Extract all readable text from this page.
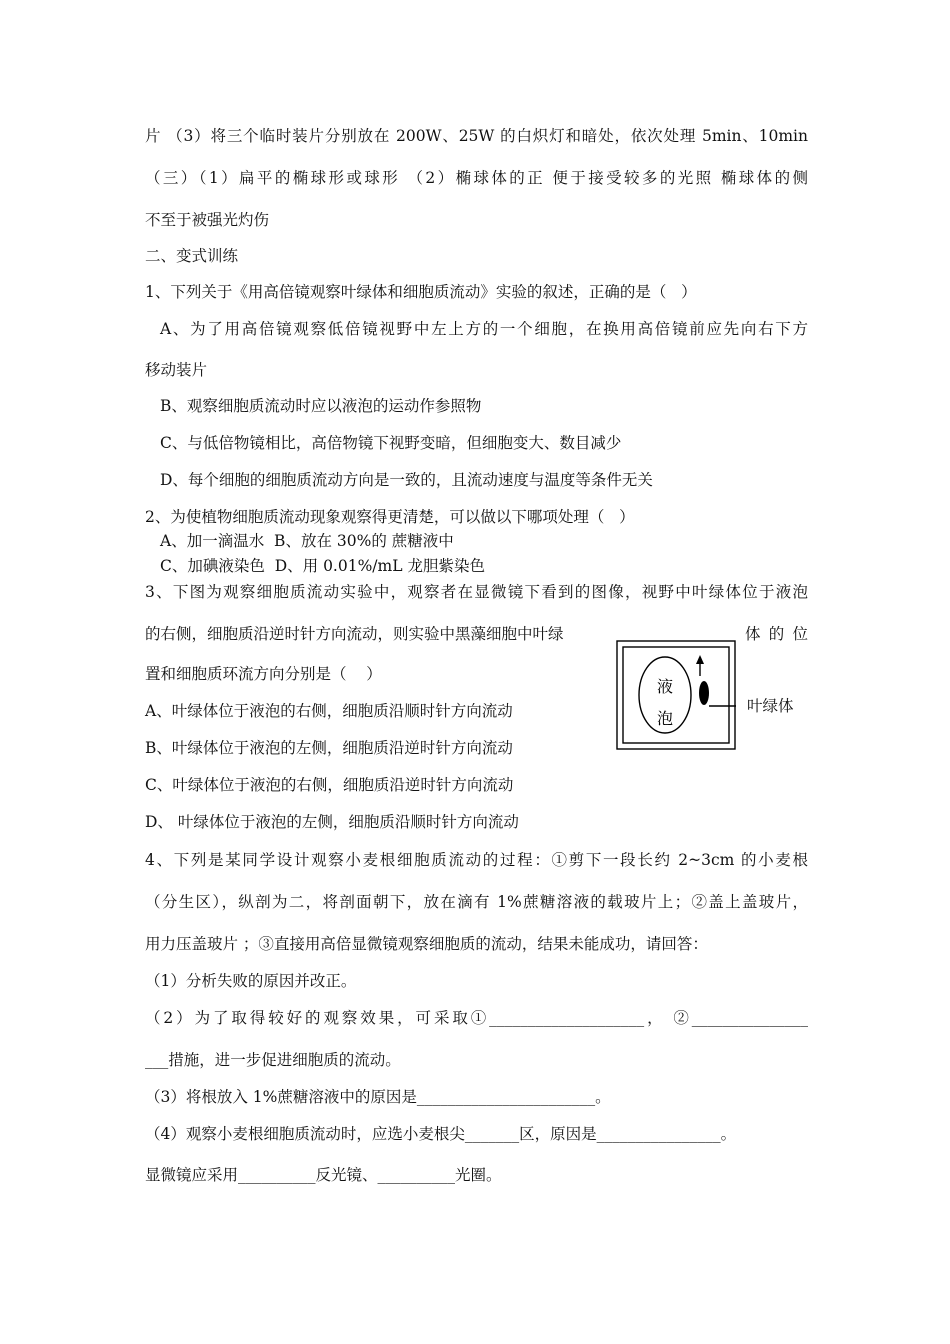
片 （3）将三个临时装片分别放在 200W、25W 的白炽灯和暗处，依次处理 5min、10min
（三）（1）扁平的椭球形或球形 （2）椭球体的正 便于接受较多的光照 椭球体的侧
不至于被强光灼伤
二、变式训练
1、下列关于《用高倍镜观察叶绿体和细胞质流动》实验的叙述，正确的是（   ）
A、为了用高倍镜观察低倍镜视野中左上方的一个细胞，在换用高倍镜前应先向右下方
移动装片
B、观察细胞质流动时应以液泡的运动作参照物
C、与低倍物镜相比，高倍物镜下视野变暗，但细胞变大、数目减少
D、每个细胞的细胞质流动方向是一致的，且流动速度与温度等条件无关
2、为使植物细胞质流动现象观察得更清楚，可以做以下哪项处理（   ）
A、加一滴温水  B、放在 30%的 蔗糖液中
C、加碘液染色  D、用 0.01%/mL 龙胆紫染色
3、下图为观察细胞质流动实验中，观察者在显微镜下看到的图像，视野中叶绿体位于液泡
的右侧，细胞质沿逆时针方向流动，则实验中黑藻细胞中叶绿	体 的 位
置和细胞质环流方向分别是（    ）
A、叶绿体位于液泡的右侧，细胞质沿顺时针方向流动
B、叶绿体位于液泡的左侧，细胞质沿逆时针方向流动
C、叶绿体位于液泡的右侧，细胞质沿逆时针方向流动
D、 叶绿体位于液泡的左侧，细胞质沿顺时针方向流动
4、下列是某同学设计观察小麦根细胞质流动的过程：①剪下一段长约 2~3cm 的小麦根
（分生区），纵剖为二，将剖面朝下，放在滴有 1%蔗糖溶液的载玻片上；②盖上盖玻片，
用力压盖玻片 ；③直接用高倍显微镜观察细胞质的流动，结果未能成功，请回答：
（1）分析失败的原因并改正。
（2）为了取得较好的观察效果，可采取①____________________， ②_______________
___措施，进一步促进细胞质的流动。
（3）将根放入 1%蔗糖溶液中的原因是_______________________。
（4）观察小麦根细胞质流动时，应选小麦根尖_______区，原因是________________。
显微镜应采用__________反光镜、__________光圈。
液
泡
叶绿体
